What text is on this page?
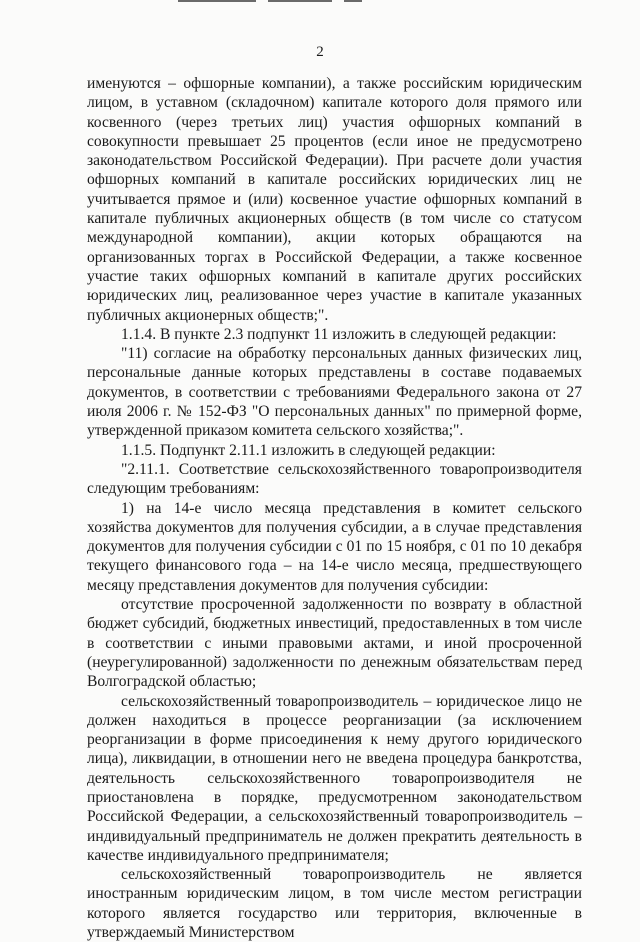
2

именуются – офшорные компании), а также российским юридическим лицом, в уставном (складочном) капитале которого доля прямого или косвенного (через третьих лиц) участия офшорных компаний в совокупности превышает 25 процентов (если иное не предусмотрено законодательством Российской Федерации). При расчете доли участия офшорных компаний в капитале российских юридических лиц не учитывается прямое и (или) косвенное участие офшорных компаний в капитале публичных акционерных обществ (в том числе со статусом международной компании), акции которых обращаются на организованных торгах в Российской Федерации, а также косвенное участие таких офшорных компаний в капитале других российских юридических лиц, реализованное через участие в капитале указанных публичных акционерных обществ;".

1.1.4. В пункте 2.3 подпункт 11 изложить в следующей редакции:

"11) согласие на обработку персональных данных физических лиц, персональные данные которых представлены в составе подаваемых документов, в соответствии с требованиями Федерального закона от 27 июля 2006 г. № 152-ФЗ "О персональных данных" по примерной форме, утвержденной приказом комитета сельского хозяйства;".

1.1.5. Подпункт 2.11.1 изложить в следующей редакции:

"2.11.1. Соответствие сельскохозяйственного товаропроизводителя следующим требованиям:

1) на 14-е число месяца представления в комитет сельского хозяйства документов для получения субсидии, а в случае представления документов для получения субсидии с 01 по 15 ноября, с 01 по 10 декабря текущего финансового года – на 14-е число месяца, предшествующего месяцу представления документов для получения субсидии:

отсутствие просроченной задолженности по возврату в областной бюджет субсидий, бюджетных инвестиций, предоставленных в том числе в соответствии с иными правовыми актами, и иной просроченной (неурегулированной) задолженности по денежным обязательствам перед Волгоградской областью;

сельскохозяйственный товаропроизводитель – юридическое лицо не должен находиться в процессе реорганизации (за исключением реорганизации в форме присоединения к нему другого юридического лица), ликвидации, в отношении него не введена процедура банкротства, деятельность сельскохозяйственного товаропроизводителя не приостановлена в порядке, предусмотренном законодательством Российской Федерации, а сельскохозяйственный товаропроизводитель – индивидуальный предприниматель не должен прекратить деятельность в качестве индивидуального предпринимателя;

сельскохозяйственный товаропроизводитель не является иностранным юридическим лицом, в том числе местом регистрации которого является государство или территория, включенные в утверждаемый Министерством
